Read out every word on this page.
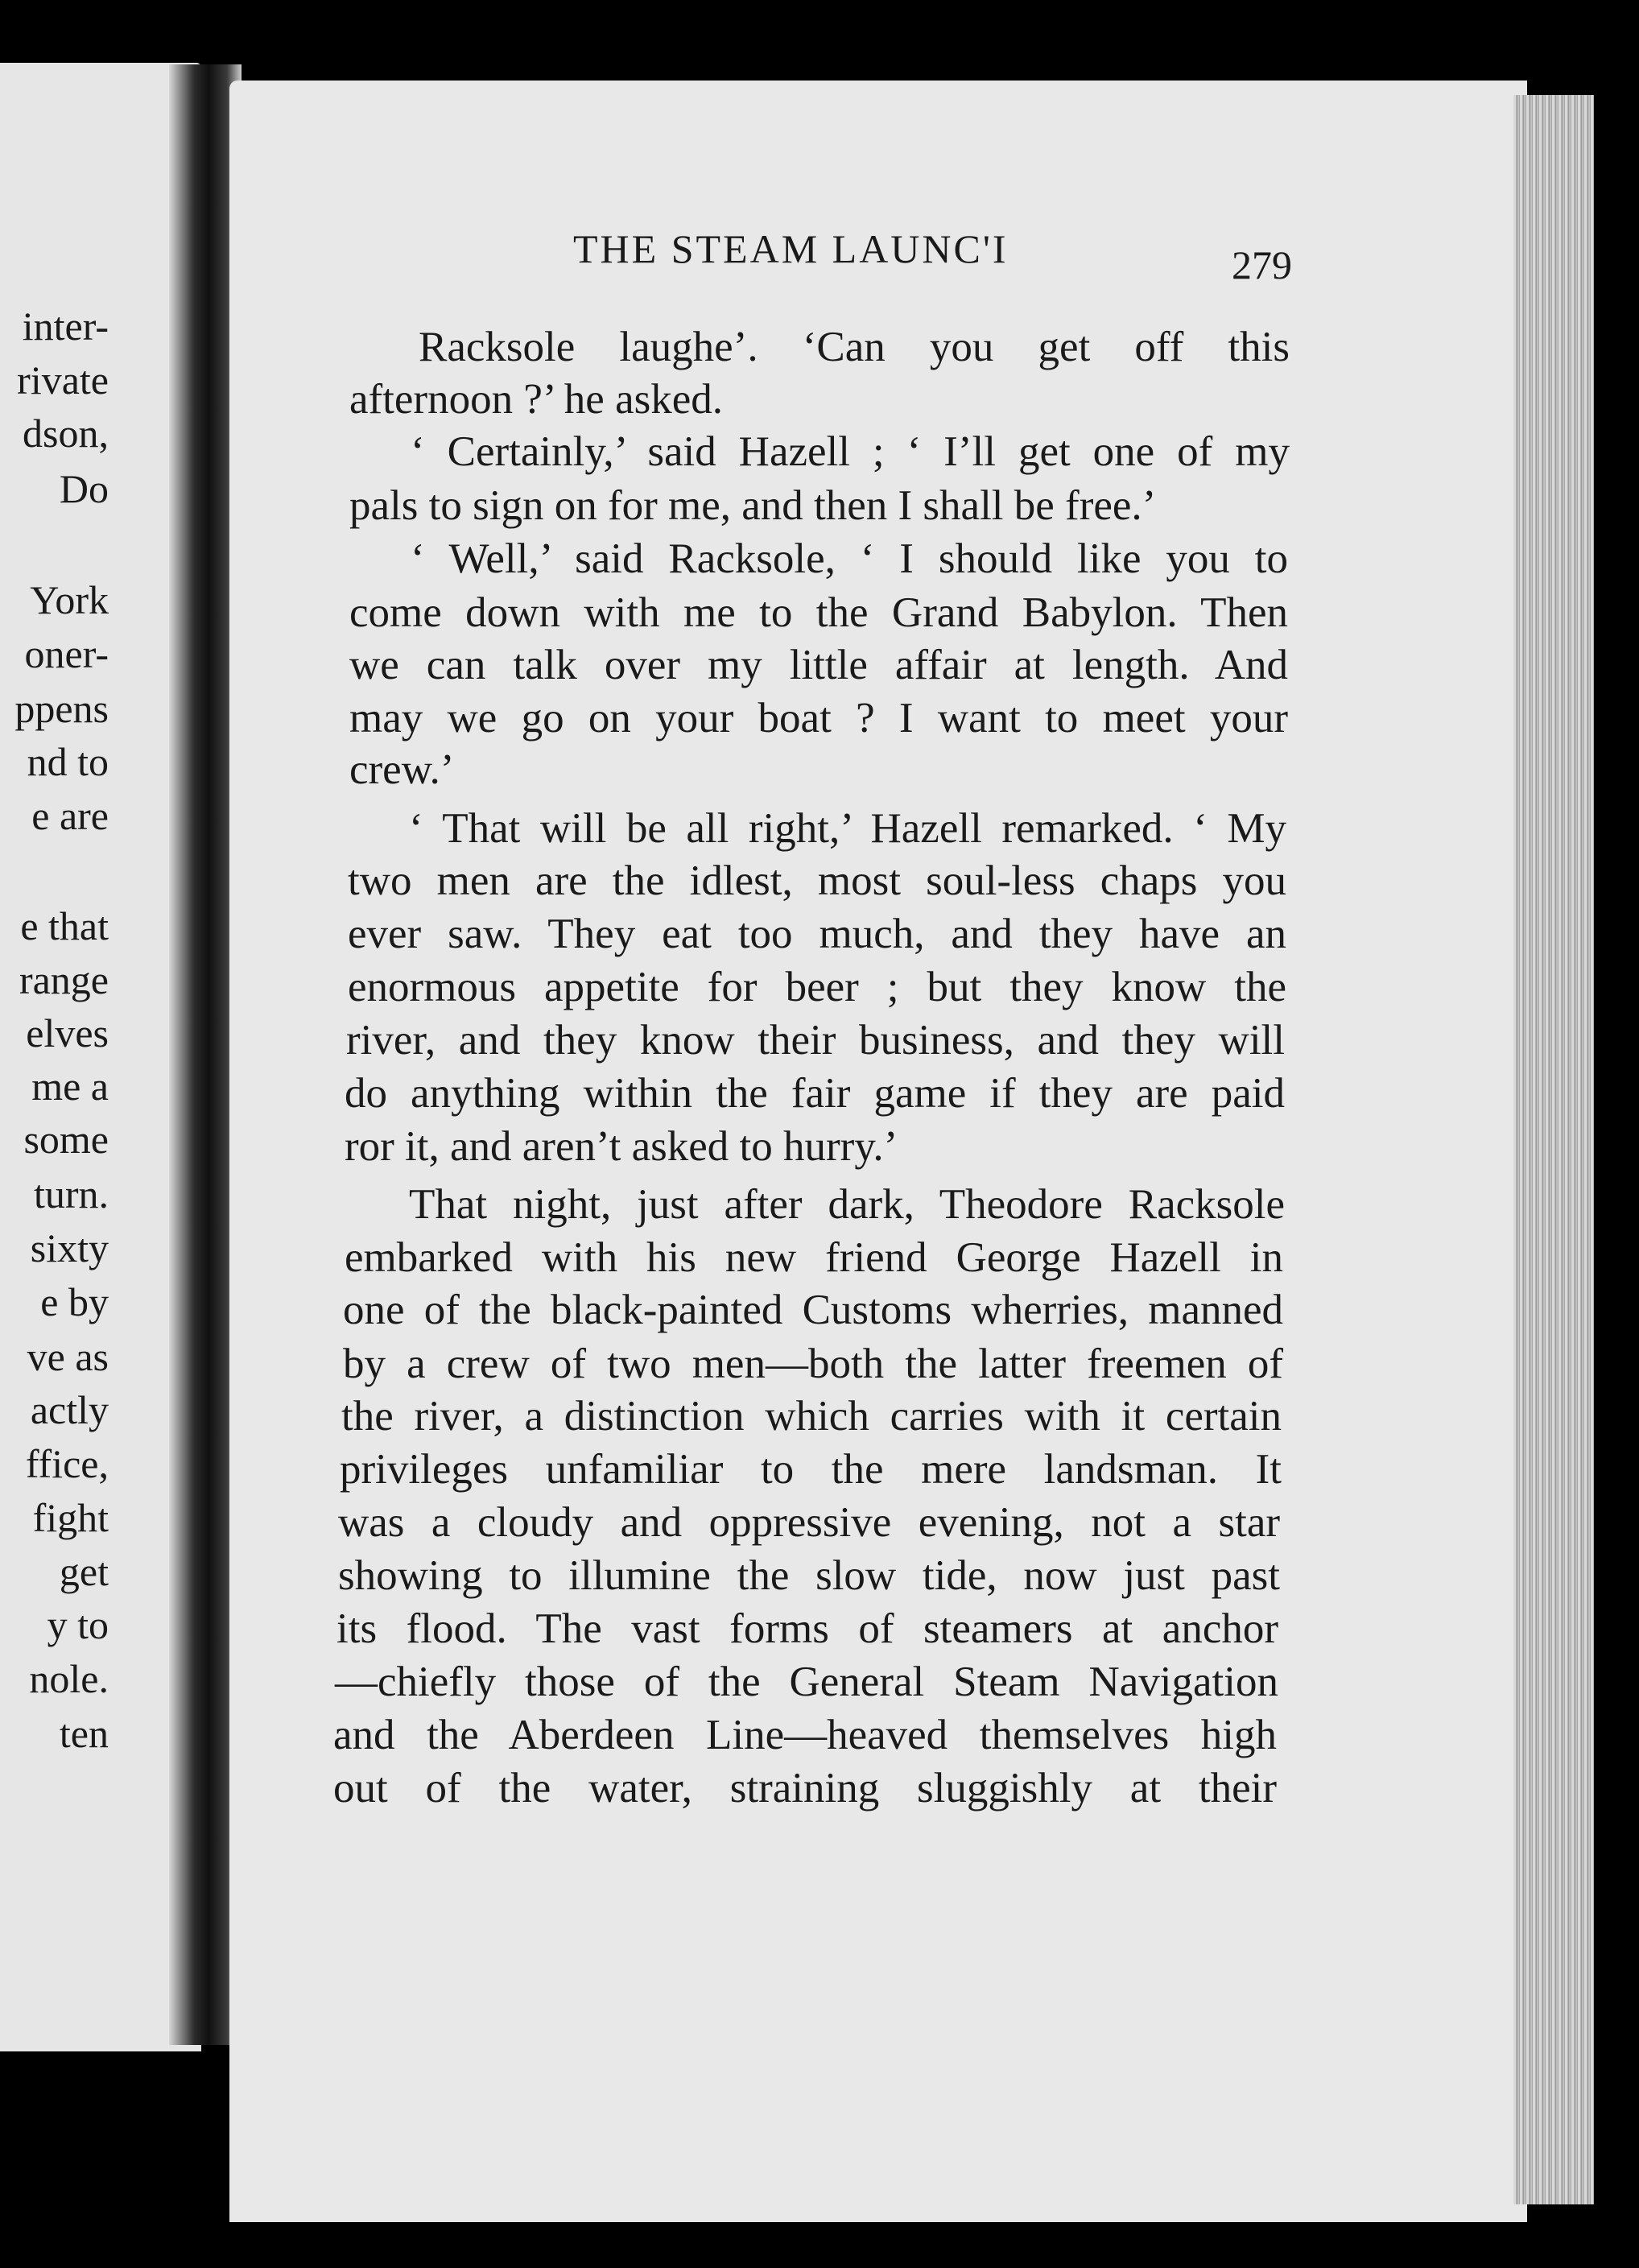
inter-
rivate
dson,
Do
York
oner-
ppens
nd to
e are
e that
range
elves
me a
some
turn.
sixty
e by
ve as
actly
ffice,
fight
get
y to
nole.
ten
THE STEAM LAUNC'I	279
Racksole laughe’. ‘Can you get off this
afternoon ?’ he asked.
‘ Certainly,’ said Hazell ; ‘ I’ll get one of my
pals to sign on for me, and then I shall be free.’
‘ Well,’ said Racksole, ‘ I should like you to
come down with me to the Grand Babylon. Then
we can talk over my little affair at length. And
may we go on your boat ? I want to meet your
crew.’
‘ That will be all right,’ Hazell remarked. ‘ My
two men are the idlest, most soul-less chaps you
ever saw. They eat too much, and they have an
enormous appetite for beer ; but they know the
river, and they know their business, and they will
do anything within the fair game if they are paid
ror it, and aren’t asked to hurry.’
That night, just after dark, Theodore Racksole
embarked with his new friend George Hazell in
one of the black-painted Customs wherries, manned
by a crew of two men—both the latter freemen of
the river, a distinction which carries with it certain
privileges unfamiliar to the mere landsman. It
was a cloudy and oppressive evening, not a star
showing to illumine the slow tide, now just past
its flood. The vast forms of steamers at anchor
—chiefly those of the General Steam Navigation
and the Aberdeen Line—heaved themselves high
out of the water, straining sluggishly at their
